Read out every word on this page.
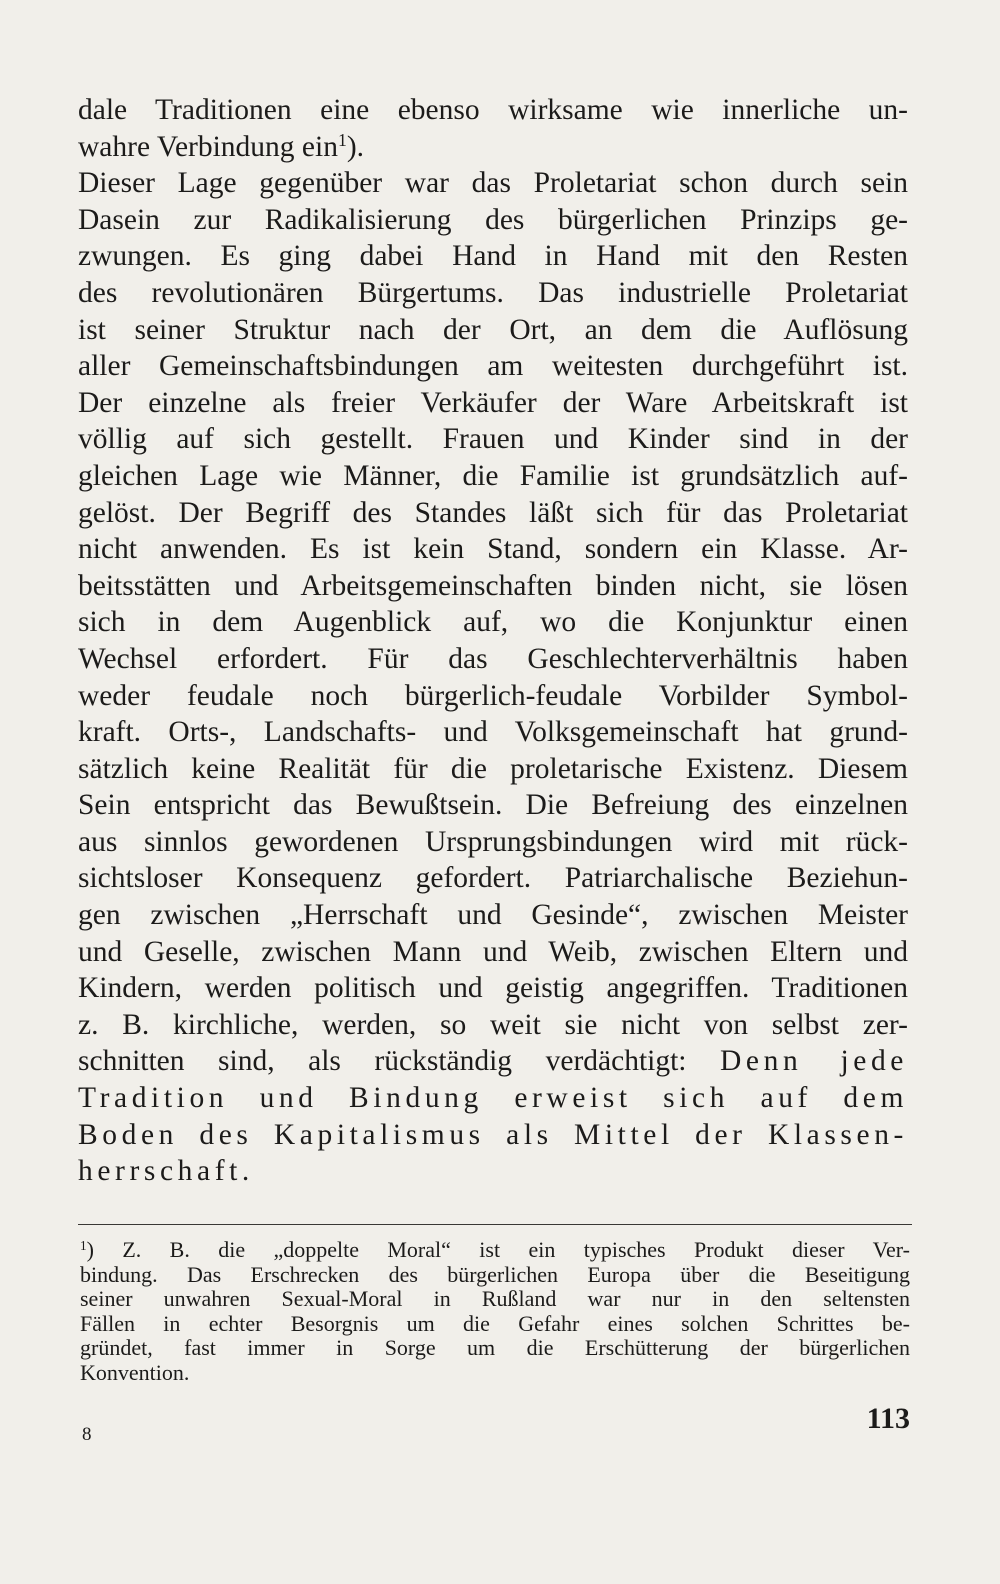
dale Traditionen eine ebenso wirksame wie innerliche un-
wahre Verbindung ein$^1$).
Dieser Lage gegenüber war das Proletariat schon durch sein
Dasein zur Radikalisierung des bürgerlichen Prinzips ge-
zwungen. Es ging dabei Hand in Hand mit den Resten
des revolutionären Bürgertums. Das industrielle Proletariat
ist seiner Struktur nach der Ort, an dem die Auflösung
aller Gemeinschaftsbindungen am weitesten durchgeführt ist.
Der einzelne als freier Verkäufer der Ware Arbeitskraft ist
völlig auf sich gestellt. Frauen und Kinder sind in der
gleichen Lage wie Männer, die Familie ist grundsätzlich auf-
gelöst. Der Begriff des Standes läßt sich für das Proletariat
nicht anwenden. Es ist kein Stand, sondern ein Klasse. Ar-
beitsstätten und Arbeitsgemeinschaften binden nicht, sie lösen
sich in dem Augenblick auf, wo die Konjunktur einen
Wechsel erfordert. Für das Geschlechterverhältnis haben
weder feudale noch bürgerlich-feudale Vorbilder Symbol-
kraft. Orts-, Landschafts- und Volksgemeinschaft hat grund-
sätzlich keine Realität für die proletarische Existenz. Diesem
Sein entspricht das Bewußtsein. Die Befreiung des einzelnen
aus sinnlos gewordenen Ursprungsbindungen wird mit rück-
sichtsloser Konsequenz gefordert. Patriarchalische Beziehun-
gen zwischen „Herrschaft und Gesinde“, zwischen Meister
und Geselle, zwischen Mann und Weib, zwischen Eltern und
Kindern, werden politisch und geistig angegriffen. Traditionen
z. B. kirchliche, werden, so weit sie nicht von selbst zer-
schnitten sind, als rückständig verdächtigt: Denn jede
Tradition und Bindung erweist sich auf dem
Boden des Kapitalismus als Mittel der Klassen-
herrschaft.
$^1$) Z. B. die „doppelte Moral“ ist ein typisches Produkt dieser Ver-
bindung. Das Erschrecken des bürgerlichen Europa über die Beseitigung
seiner unwahren Sexual-Moral in Rußland war nur in den seltensten
Fällen in echter Besorgnis um die Gefahr eines solchen Schrittes be-
gründet, fast immer in Sorge um die Erschütterung der bürgerlichen
Konvention.
8	113
